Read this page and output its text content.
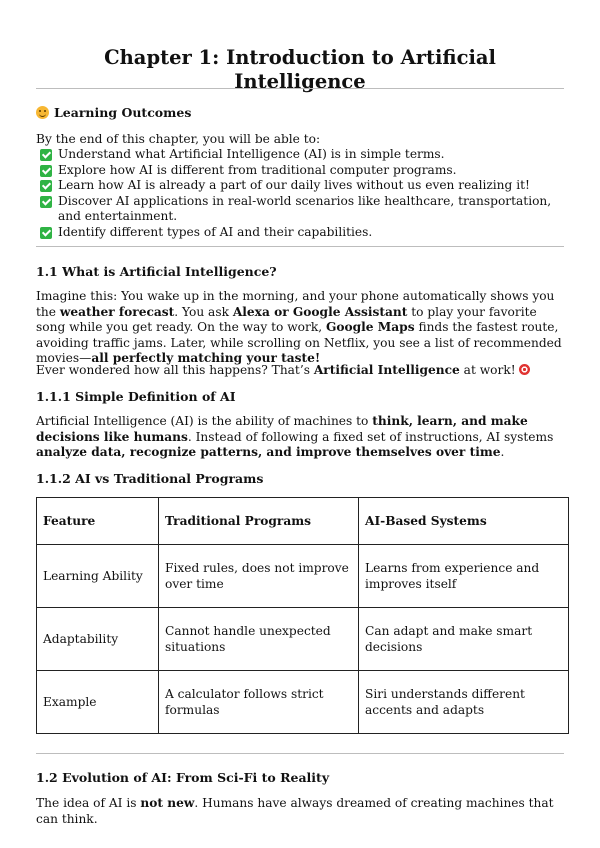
Chapter 1: Introduction to Artificial Intelligence
Learning Outcomes
By the end of this chapter, you will be able to:
Understand what Artificial Intelligence (AI) is in simple terms.
Explore how AI is different from traditional computer programs.
Learn how AI is already a part of our daily lives without us even realizing it!
Discover AI applications in real-world scenarios like healthcare, transportation, and entertainment.
Identify different types of AI and their capabilities.
1.1 What is Artificial Intelligence?
Imagine this: You wake up in the morning, and your phone automatically shows you the weather forecast. You ask Alexa or Google Assistant to play your favorite song while you get ready. On the way to work, Google Maps finds the fastest route, avoiding traffic jams. Later, while scrolling on Netflix, you see a list of recommended movies—all perfectly matching your taste!
Ever wondered how all this happens? That’s Artificial Intelligence at work!
1.1.1 Simple Definition of AI
Artificial Intelligence (AI) is the ability of machines to think, learn, and make decisions like humans. Instead of following a fixed set of instructions, AI systems analyze data, recognize patterns, and improve themselves over time.
1.1.2 AI vs Traditional Programs
Feature	Traditional Programs	AI-Based Systems
Learning Ability	Fixed rules, does not improve over time	Learns from experience and improves itself
Adaptability	Cannot handle unexpected situations	Can adapt and make smart decisions
Example	A calculator follows strict formulas	Siri understands different accents and adapts
1.2 Evolution of AI: From Sci-Fi to Reality
The idea of AI is not new. Humans have always dreamed of creating machines that can think.
